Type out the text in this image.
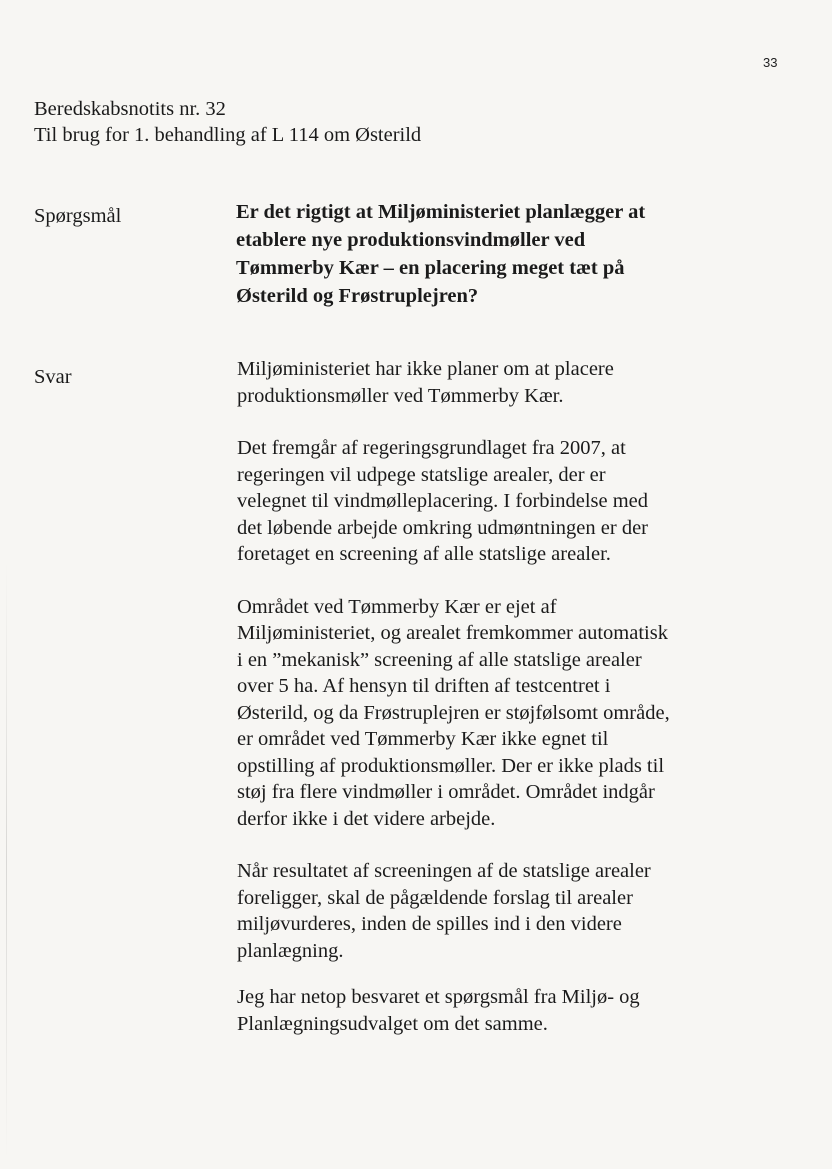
33
Beredskabsnotits nr. 32
Til brug for 1. behandling af L 114 om Østerild
Spørgsmål	Er det rigtigt at Miljøministeriet planlægger at
etablere nye produktionsvindmøller ved
Tømmerby Kær – en placering meget tæt på
Østerild og Frøstruplejren?
Svar	Miljøministeriet har ikke planer om at placere
produktionsmøller ved Tømmerby Kær.
Det fremgår af regeringsgrundlaget fra 2007, at
regeringen vil udpege statslige arealer, der er
velegnet til vindmølleplacering. I forbindelse med
det løbende arbejde omkring udmøntningen er der
foretaget en screening af alle statslige arealer.
Området ved Tømmerby Kær er ejet af
Miljøministeriet, og arealet fremkommer automatisk
i en ”mekanisk” screening af alle statslige arealer
over 5 ha. Af hensyn til driften af testcentret i
Østerild, og da Frøstruplejren er støjfølsomt område,
er området ved Tømmerby Kær ikke egnet til
opstilling af produktionsmøller. Der er ikke plads til
støj fra flere vindmøller i området. Området indgår
derfor ikke i det videre arbejde.
Når resultatet af screeningen af de statslige arealer
foreligger, skal de pågældende forslag til arealer
miljøvurderes, inden de spilles ind i den videre
planlægning.
Jeg har netop besvaret et spørgsmål fra Miljø- og
Planlægningsudvalget om det samme.
